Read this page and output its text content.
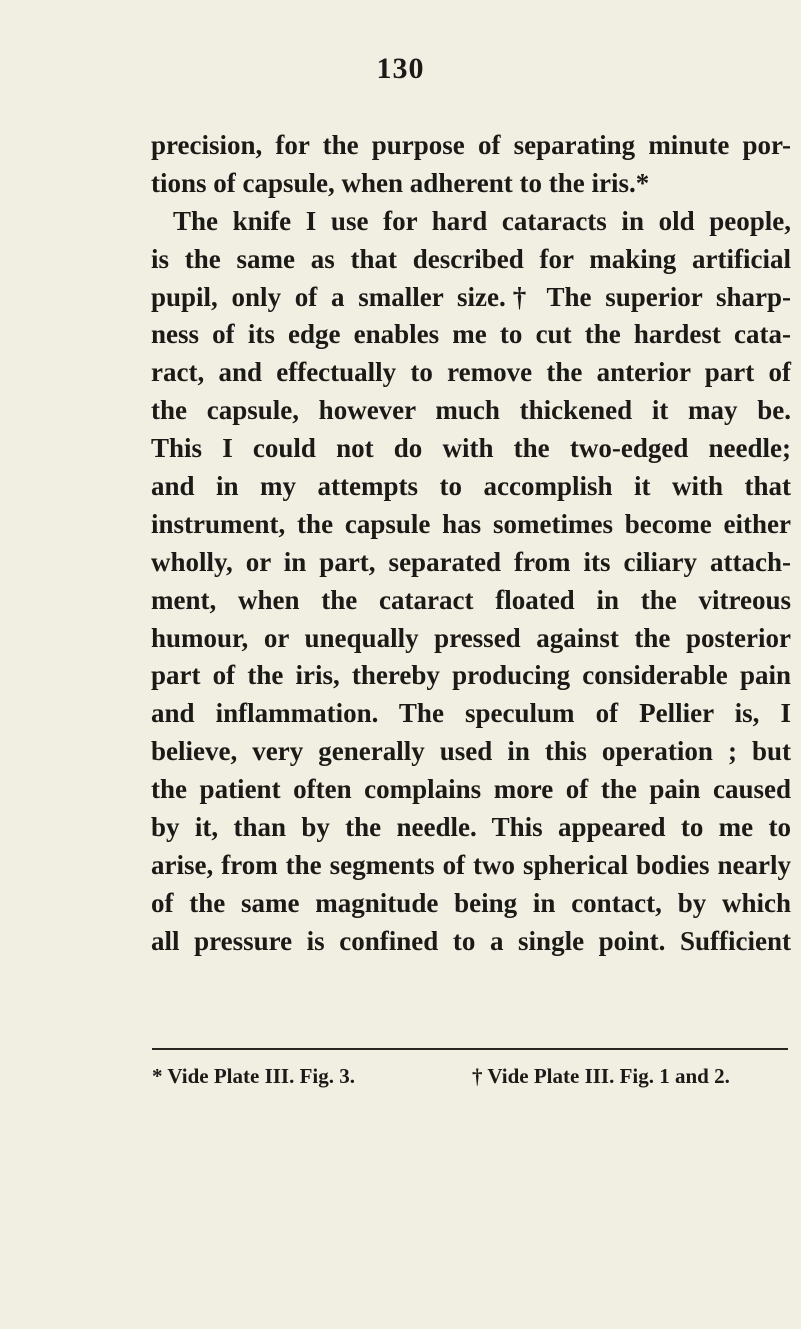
130
precision, for the purpose of separating minute por-
tions of capsule, when adherent to the iris.*
The knife I use for hard cataracts in old people,
is the same as that described for making artificial
pupil, only of a smaller size.† The superior sharp-
ness of its edge enables me to cut the hardest cata-
ract, and effectually to remove the anterior part of
the capsule, however much thickened it may be.
This I could not do with the two-edged needle;
and in my attempts to accomplish it with that
instrument, the capsule has sometimes become either
wholly, or in part, separated from its ciliary attach-
ment, when the cataract floated in the vitreous
humour, or unequally pressed against the posterior
part of the iris, thereby producing considerable pain
and inflammation. The speculum of Pellier is, I
believe, very generally used in this operation ; but
the patient often complains more of the pain caused
by it, than by the needle. This appeared to me to
arise, from the segments of two spherical bodies nearly
of the same magnitude being in contact, by which
all pressure is confined to a single point. Sufficient
* Vide Plate III. Fig. 3.	† Vide Plate III. Fig. 1 and 2.
